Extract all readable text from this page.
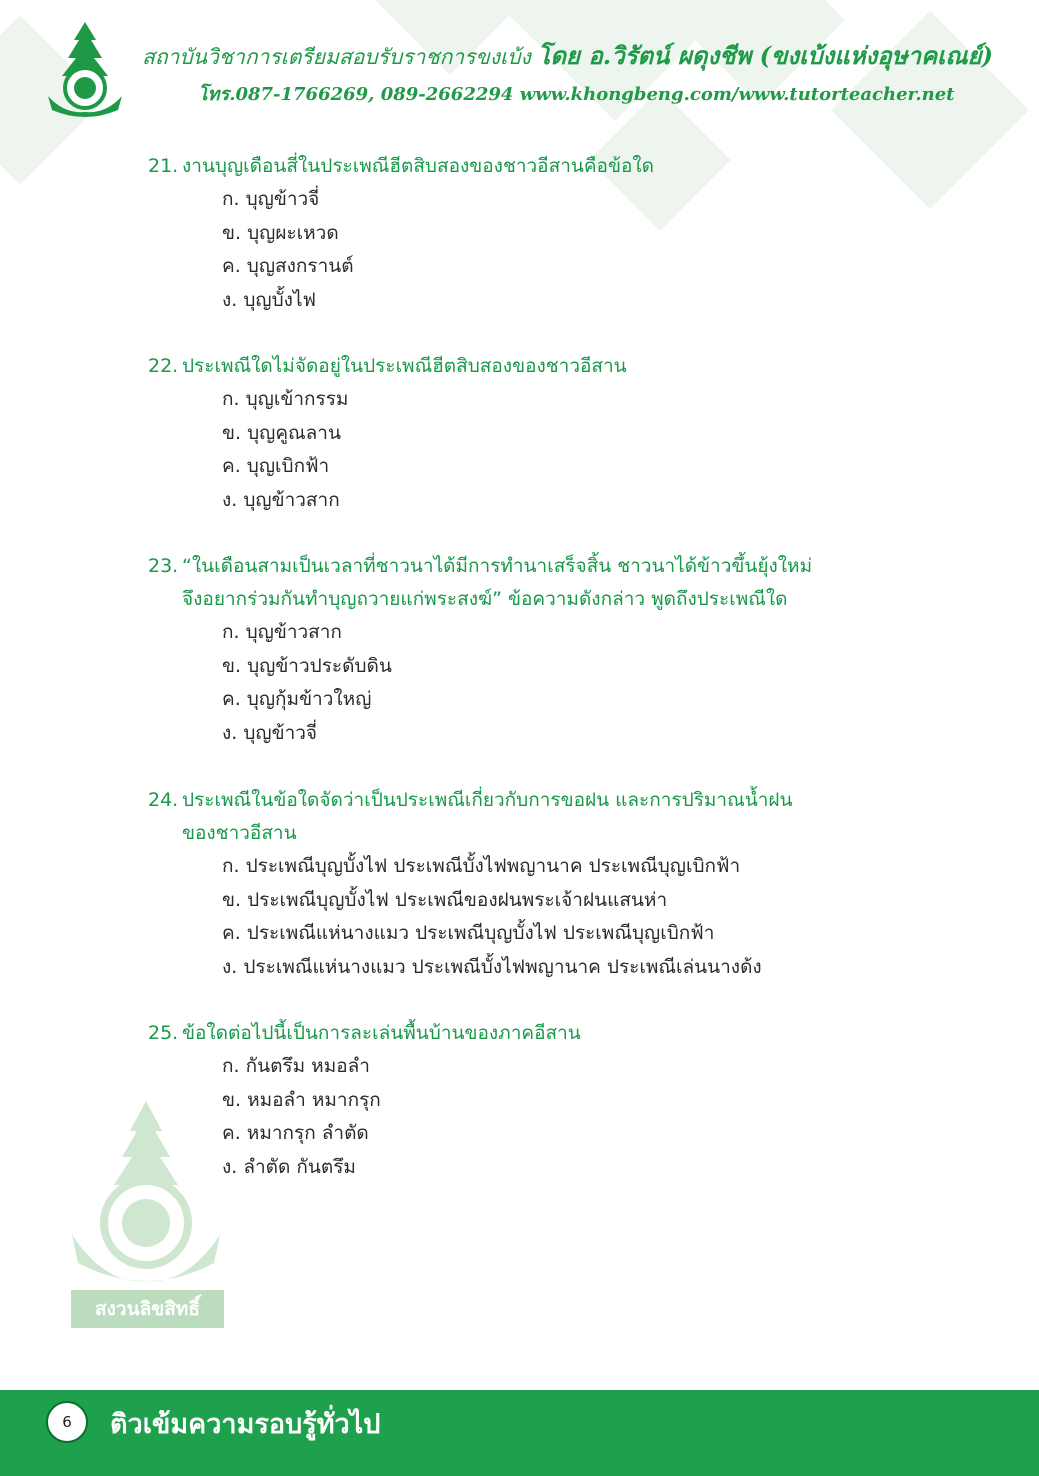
สถาบันวิชาการเตรียมสอบรับราชการขงเบ้ง โดย อ.วิรัตน์ ผดุงชีพ (ขงเบ้งแห่งอุษาคเณย์)
โทร.087-1766269, 089-2662294 www.khongbeng.com/www.tutorteacher.net
21. งานบุญเดือนสี่ในประเพณีฮีตสิบสองของชาวอีสานคือข้อใด
ก. บุญข้าวจี่
ข. บุญผะเหวด
ค. บุญสงกรานต์
ง. บุญบั้งไฟ
22. ประเพณีใดไม่จัดอยู่ในประเพณีฮีตสิบสองของชาวอีสาน
ก. บุญเข้ากรรม
ข. บุญคูณลาน
ค. บุญเบิกฟ้า
ง. บุญข้าวสาก
23. “ในเดือนสามเป็นเวลาที่ชาวนาได้มีการทำนาเสร็จสิ้น ชาวนาได้ข้าวขึ้นยุ้งใหม่
จึงอยากร่วมกันทำบุญถวายแก่พระสงฆ์” ข้อความดังกล่าว พูดถึงประเพณีใด
ก. บุญข้าวสาก
ข. บุญข้าวประดับดิน
ค. บุญกุ้มข้าวใหญ่
ง. บุญข้าวจี่
24. ประเพณีในข้อใดจัดว่าเป็นประเพณีเกี่ยวกับการขอฝน และการปริมาณน้ำฝน
ของชาวอีสาน
ก. ประเพณีบุญบั้งไฟ ประเพณีบั้งไฟพญานาค ประเพณีบุญเบิกฟ้า
ข. ประเพณีบุญบั้งไฟ ประเพณีของฝนพระเจ้าฝนแสนห่า
ค. ประเพณีแห่นางแมว ประเพณีบุญบั้งไฟ ประเพณีบุญเบิกฟ้า
ง. ประเพณีแห่นางแมว ประเพณีบั้งไฟพญานาค ประเพณีเล่นนางด้ง
25. ข้อใดต่อไปนี้เป็นการละเล่นพื้นบ้านของภาคอีสาน
ก. กันตรึม หมอลำ
ข. หมอลำ หมากรุก
ค. หมากรุก ลำตัด
ง. ลำตัด กันตรึม
สงวนลิขสิทธิ์
6	ติวเข้มความรอบรู้ทั่วไป
